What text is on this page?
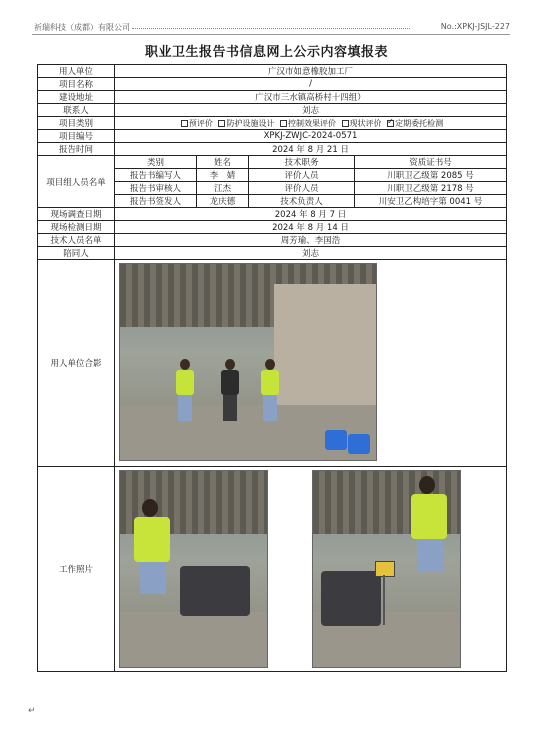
祈瑞科技（成都）有限公司	No.:XPKJ-JSJL-227
职业卫生报告书信息网上公示内容填报表
用人单位	广汉市如意橡胶加工厂			
项目名称	/			
建设地址	广汉市三水镇高桥村十四组）			
联系人	刘志			
项目类别	预评价 防护设施设计 控制效果评价 现状评价 ✓ 定期委托检测
项目编号	XPKJ-ZWJC-2024-0571			
报告时间	2024 年 8 月 21 日			
项目组人员名单	类别	姓名	技术职务	资质证书号
	报告书编写人	李　婧	评价人员	川职卫乙级第 2085 号
	报告书审核人	江杰	评价人员	川职卫乙级第 2178 号
	报告书签发人	龙庆德	技术负责人	川安卫乙构培字第 0041 号
现场调查日期	2024 年 8 月 7 日			
现场检测日期	2024 年 8 月 14 日			
技术人员名单	周芳瑜、李国浩			
陪同人	刘志			
用人单位合影				

工作照片				
↵
